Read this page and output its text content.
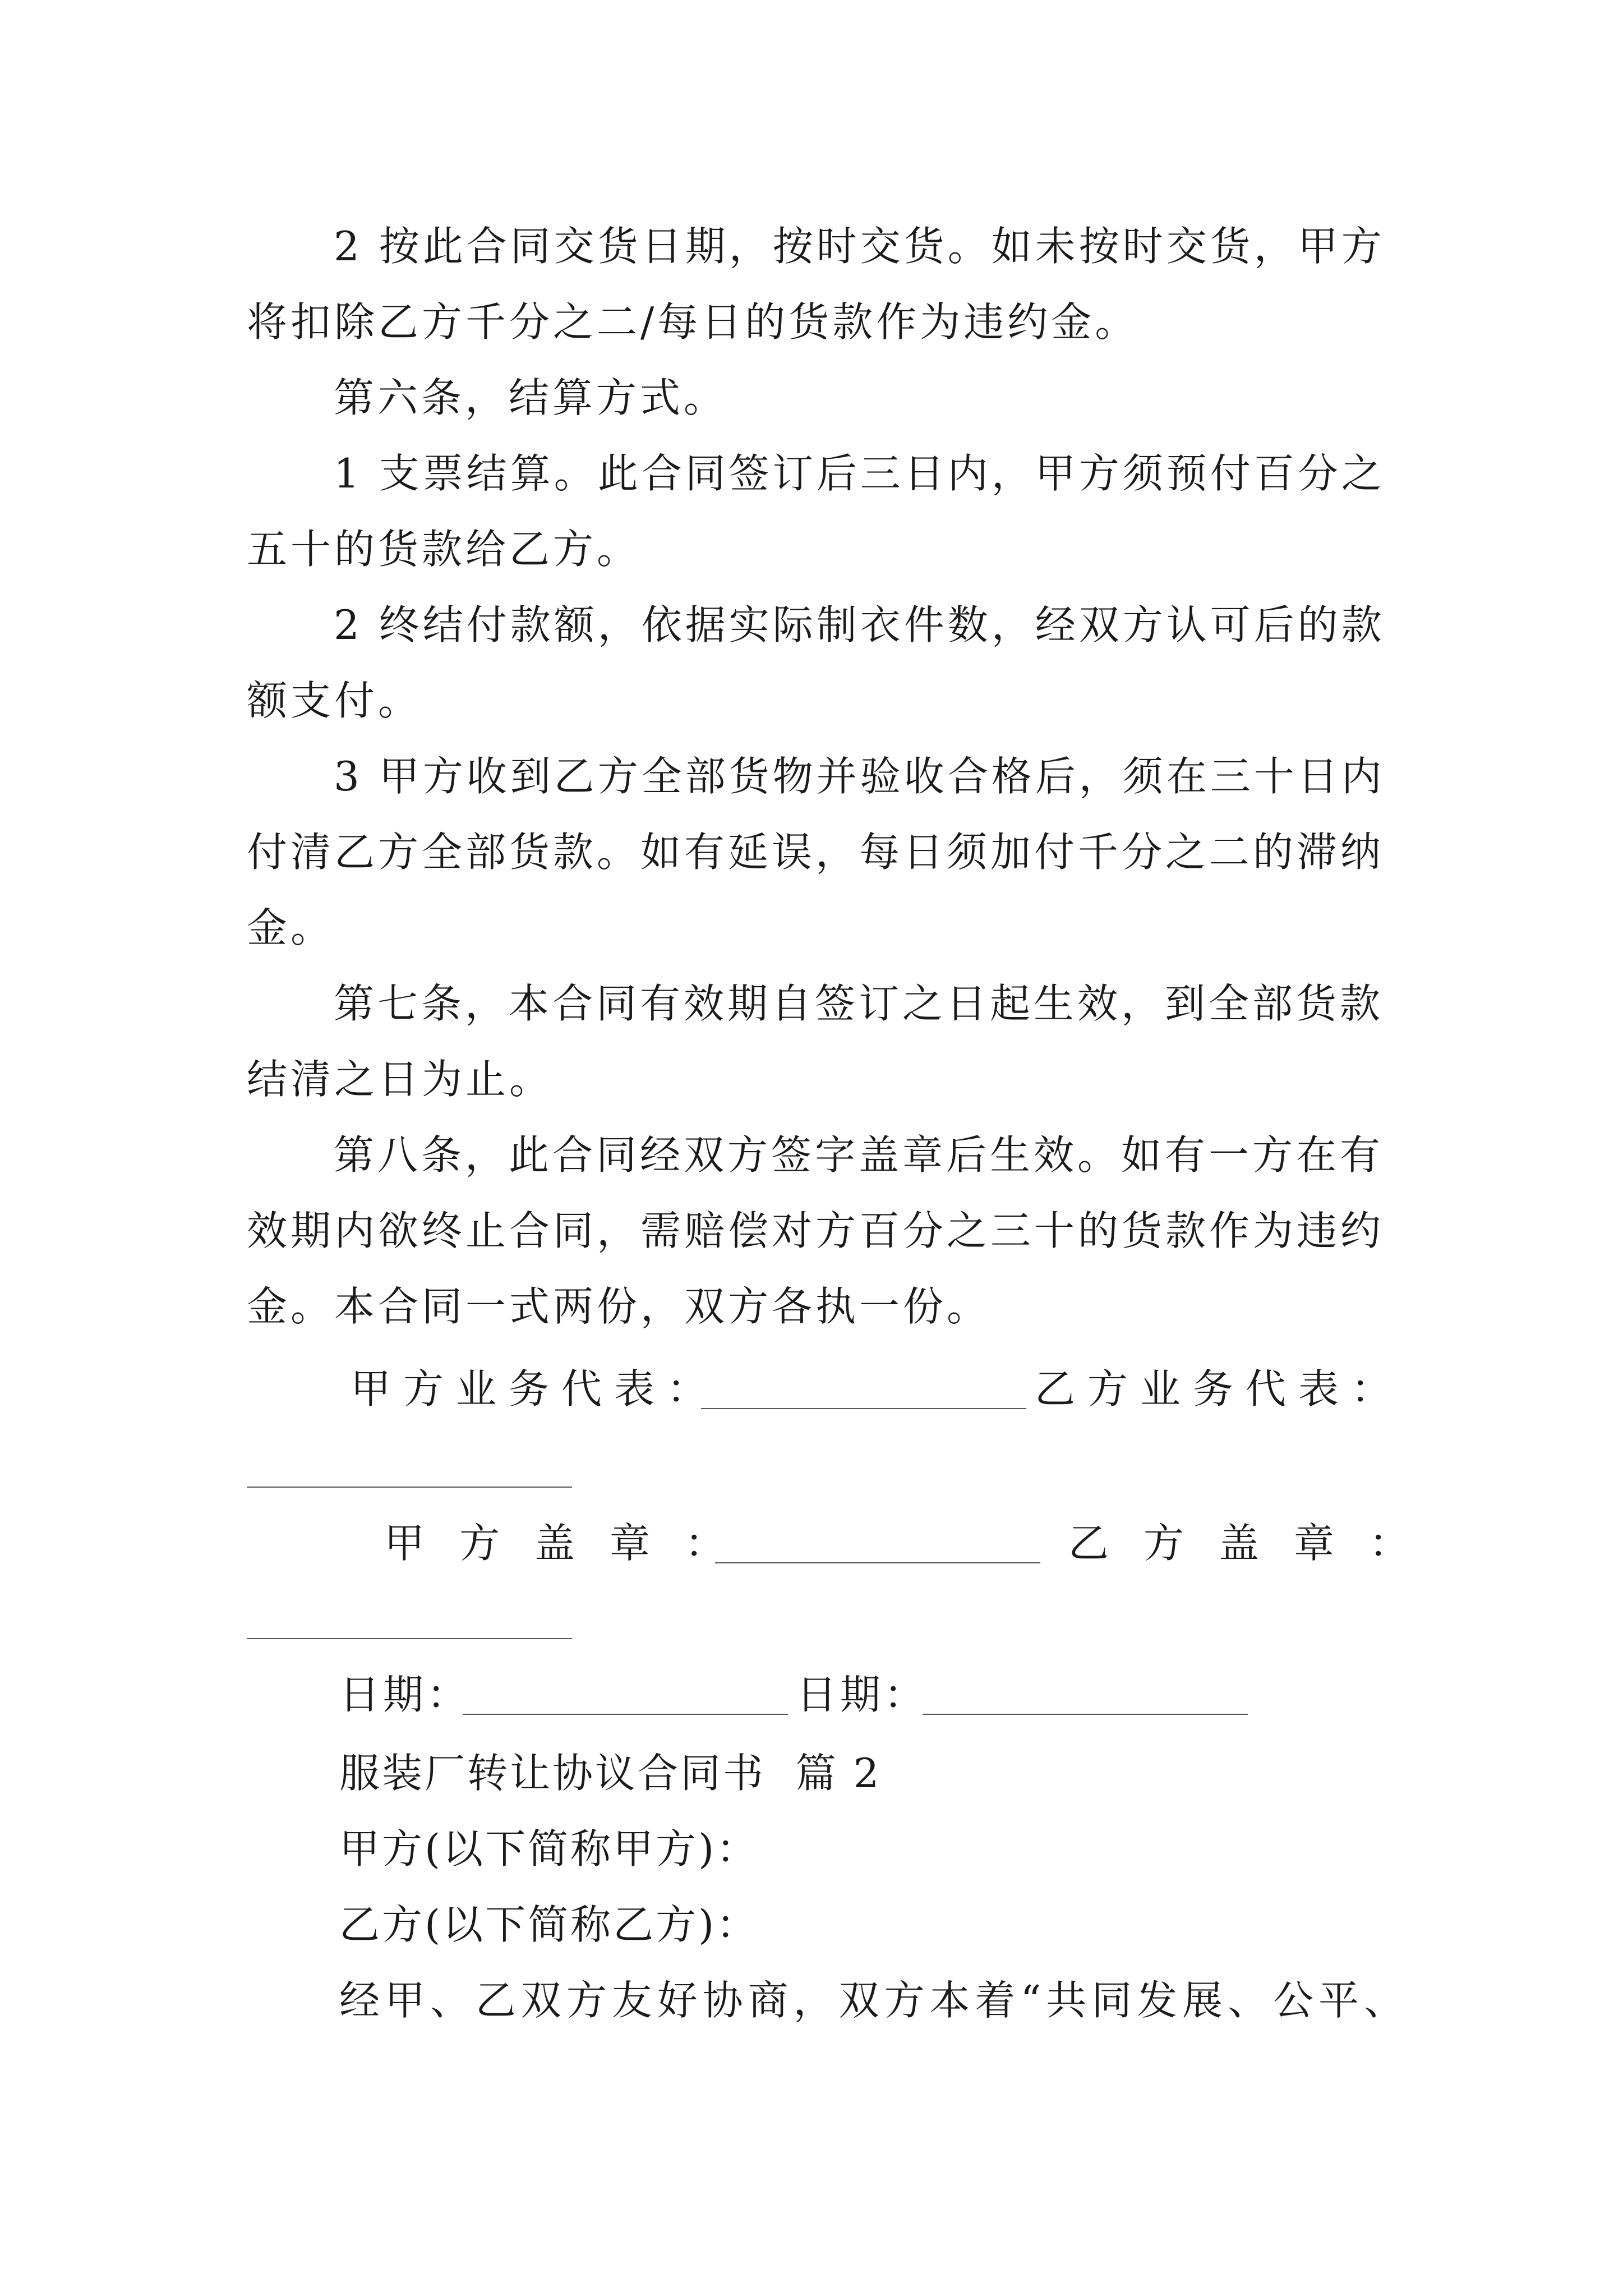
2 按此合同交货日期，按时交货。如未按时交货，甲方
将扣除乙方千分之二/每日的货款作为违约金。
第六条，结算方式。
1 支票结算。此合同签订后三日内，甲方须预付百分之
五十的货款给乙方。
2 终结付款额，依据实际制衣件数，经双方认可后的款
额支付。
3 甲方收到乙方全部货物并验收合格后，须在三十日内
付清乙方全部货款。如有延误，每日须加付千分之二的滞纳
金。
第七条，本合同有效期自签订之日起生效，到全部货款
结清之日为止。
第八条，此合同经双方签字盖章后生效。如有一方在有
效期内欲终止合同，需赔偿对方百分之三十的货款作为违约
金。本合同一式两份，双方各执一份。
甲方业务代表：	乙方业务代表：
甲方盖章：	乙方盖章：
日期：	日期：
服装厂转让协议合同书  篇 2
甲方(以下简称甲方)：
乙方(以下简称乙方)：
经甲、乙双方友好协商，双方本着“共同发展、公平、
